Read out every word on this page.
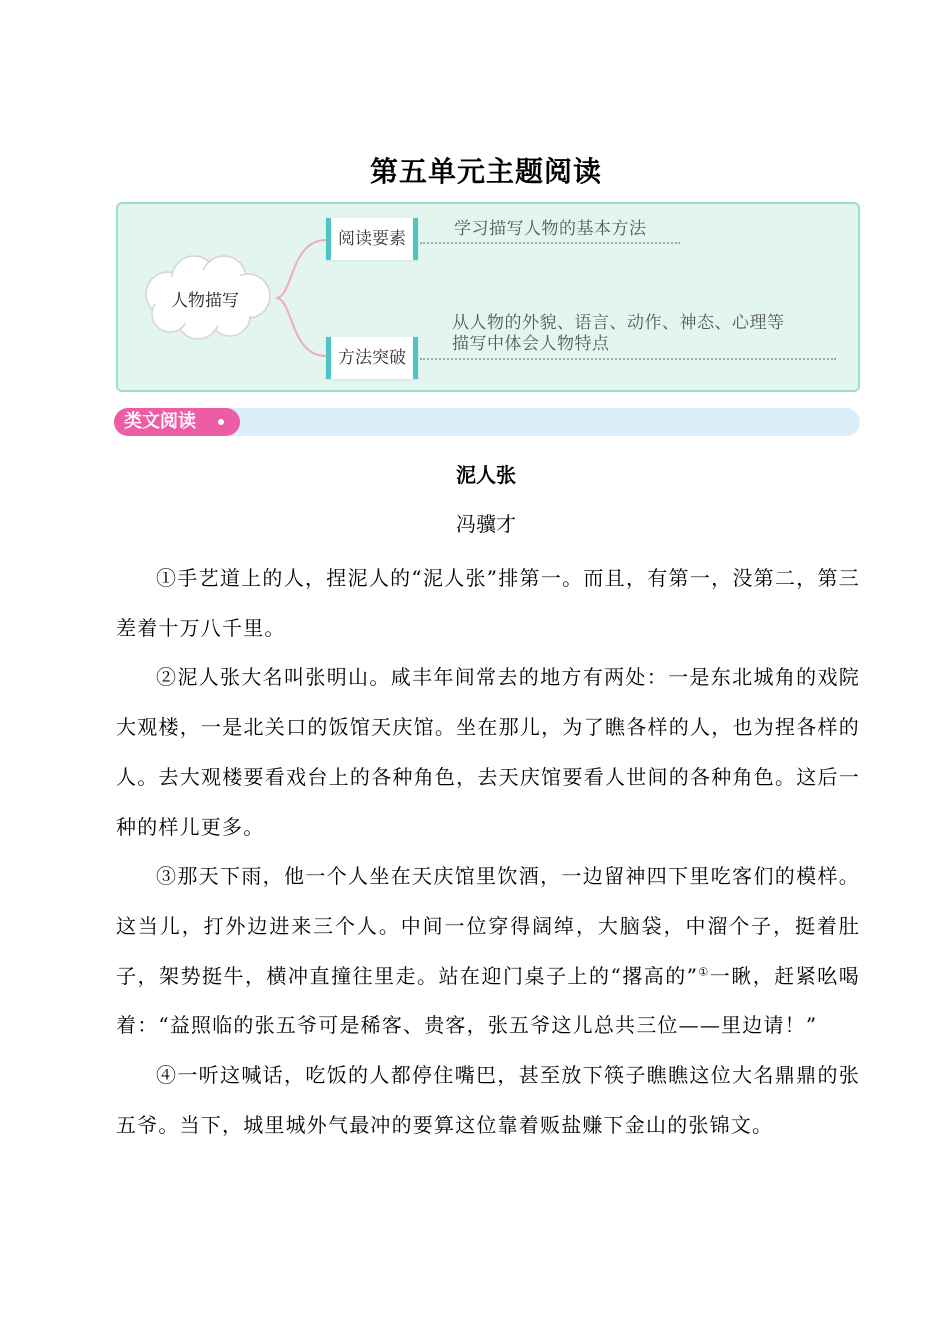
第五单元主题阅读
人物描写
阅读要素	学习描写人物的基本方法
方法突破
从人物的外貌、语言、动作、神态、心理等
描写中体会人物特点
类文阅读
泥人张
冯骥才

①手艺道上的人，捏泥人的“泥人张”排第一。而且，有第一，没第二，第三差着十万八千里。

②泥人张大名叫张明山。咸丰年间常去的地方有两处：一是东北城角的戏院大观楼，一是北关口的饭馆天庆馆。坐在那儿，为了瞧各样的人，也为捏各样的人。去大观楼要看戏台上的各种角色，去天庆馆要看人世间的各种角色。这后一种的样儿更多。

③那天下雨，他一个人坐在天庆馆里饮酒，一边留神四下里吃客们的模样。这当儿，打外边进来三个人。中间一位穿得阔绰，大脑袋，中溜个子，挺着肚子，架势挺牛，横冲直撞往里走。站在迎门桌子上的“撂高的”①一瞅，赶紧吆喝着：“益照临的张五爷可是稀客、贵客，张五爷这儿总共三位——里边请！”

④一听这喊话，吃饭的人都停住嘴巴，甚至放下筷子瞧瞧这位大名鼎鼎的张五爷。当下，城里城外气最冲的要算这位靠着贩盐赚下金山的张锦文。
